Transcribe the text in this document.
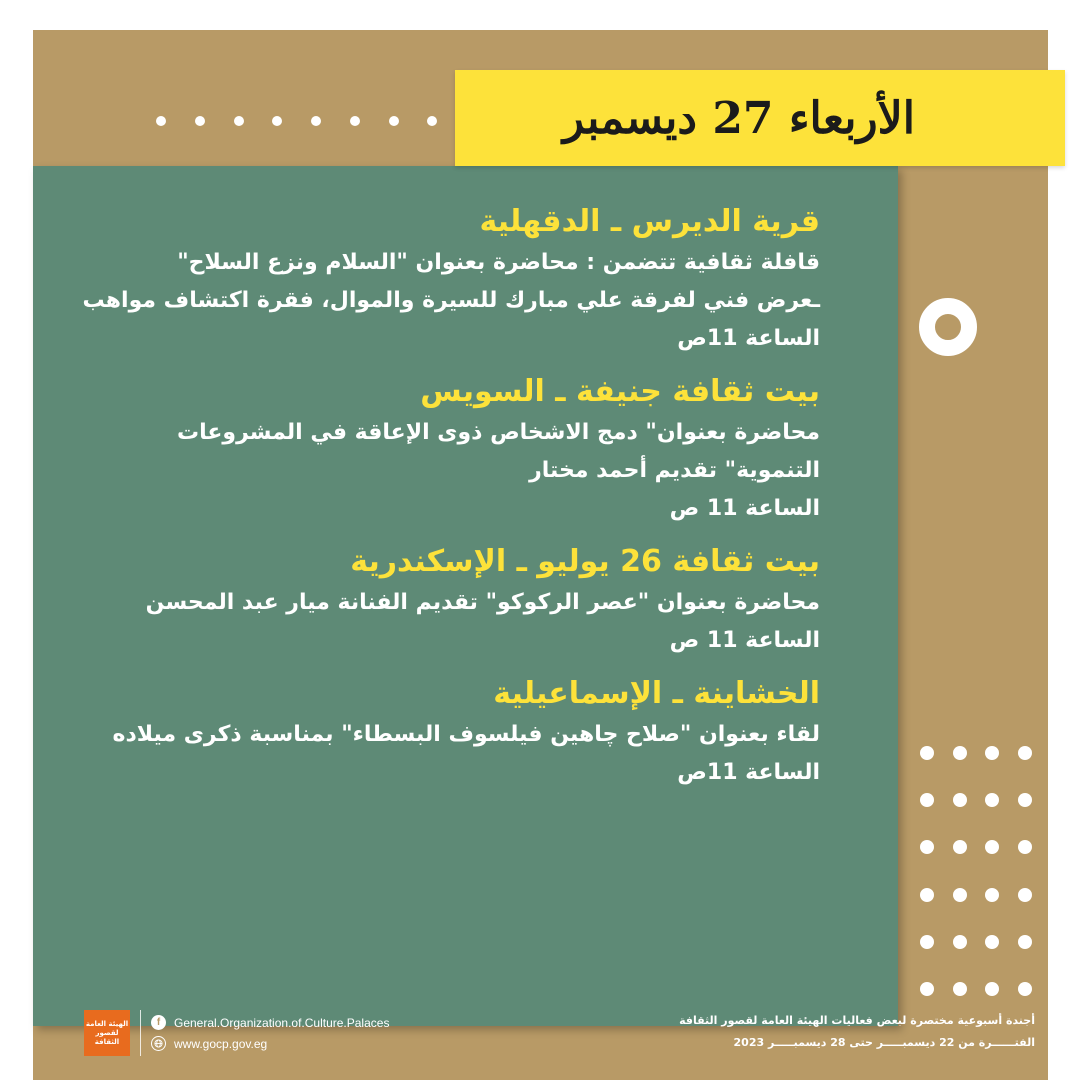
الأربعاء 27 ديسمبر

قرية الديرس ـ الدقهلية

قافلة ثقافية تتضمن : محاضرة بعنوان "السلام ونزع السلاح"

ـعرض فني لفرقة علي مبارك للسيرة والموال، فقرة اكتشاف مواهب

الساعة 11ص

بيت ثقافة جنيفة ـ السويس

محاضرة بعنوان" دمج الاشخاص ذوى الإعاقة في المشروعات

التنموية" تقديم أحمد مختار

الساعة 11 ص

بيت ثقافة 26 يوليو ـ الإسكندرية

محاضرة بعنوان "عصر الركوكو" تقديم الفنانة ميار عبد المحسن

الساعة 11 ص

الخشاينة ـ الإسماعيلية

لقاء بعنوان "صلاح چاهين فيلسوف البسطاء" بمناسبة ذكرى ميلاده

الساعة 11ص

الهيئة العامة لقصور الثقافة
f	General.Organization.of.Culture.Palaces
www.gocp.gov.eg
أجندة أسبوعية مختصرة لبعض فعاليات الهيئة العامة لقصور الثقافة
الفتــــــرة من 22 ديسمبـــــر حتى 28 ديسمبـــــر 2023
